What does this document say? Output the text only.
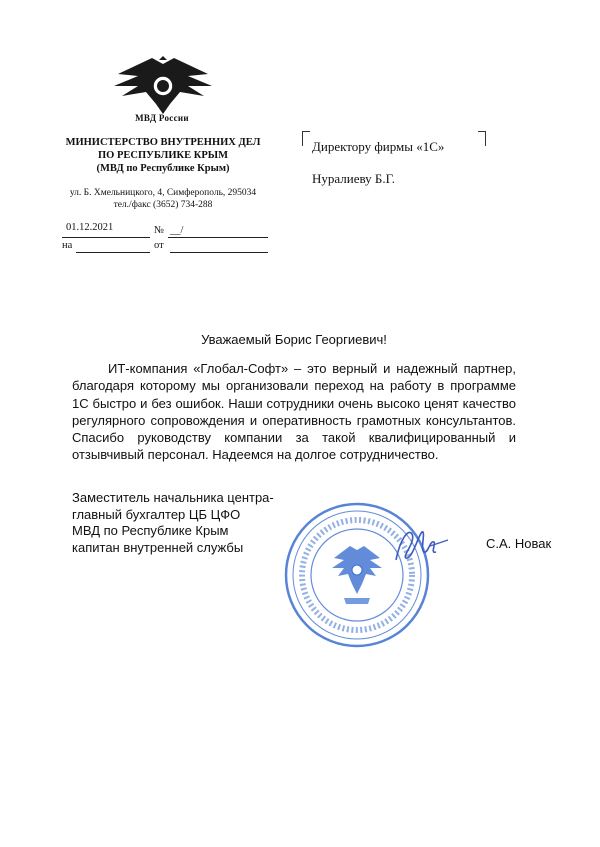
МВД России
МИНИСТЕРСТВО ВНУТРЕННИХ ДЕЛ
ПО РЕСПУБЛИКЕ КРЫМ
(МВД по Республике Крым)
ул. Б. Хмельницкого, 4, Симферополь, 295034
тел./факс (3652) 734-288
01.12.2021	№ __/
на	от
Директору фирмы «1С»
Нуралиеву Б.Г.
Уважаемый Борис Георгиевич!
ИТ-компания «Глобал-Софт» – это верный и надежный партнер, благодаря которому мы организовали переход на работу в программе 1С быстро и без ошибок. Наши сотрудники очень высоко ценят качество регулярного сопровождения и оперативность грамотных консультантов. Спасибо руководству компании за такой квалифицированный и отзывчивый персонал. Надеемся на долгое сотрудничество.
Заместитель начальника центра-
главный бухгалтер ЦБ ЦФО
МВД по Республике Крым
капитан внутренней службы	С.А. Новак
